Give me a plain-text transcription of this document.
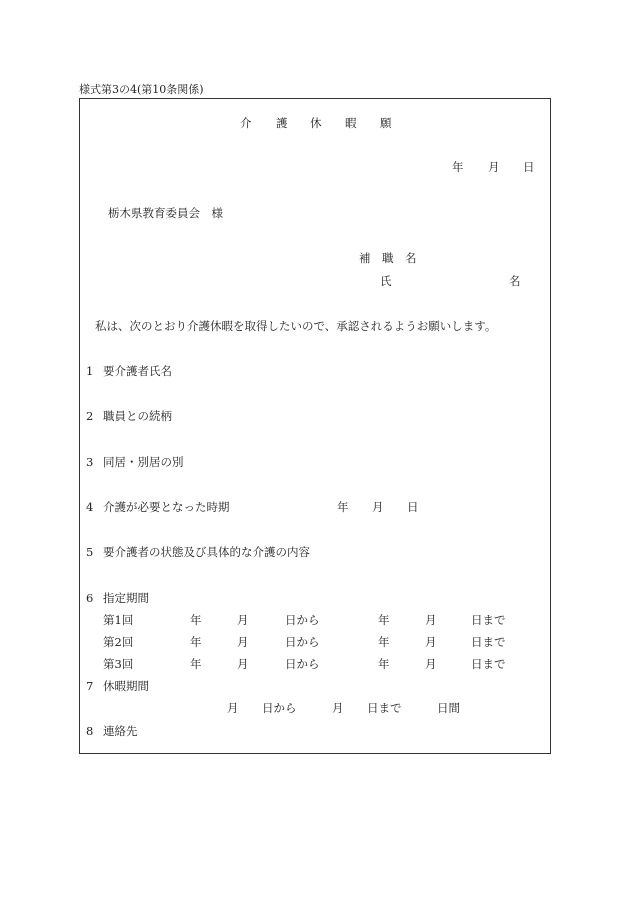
様式第3の4(第10条関係)
介 護 休 暇 願
年 月 日
栃木県教育委員会　様
補　職　名
氏	名
私は、次のとおり介護休暇を取得したいので、承認されるようお願いします。
1 要介護者氏名
2 職員との続柄
3 同居・別居の別
4 介護が必要となった時期	年 月 日
5 要介護者の状態及び具体的な介護の内容
6 指定期間
第1回	年	月	日から	年	月	日まで
第2回	年	月	日から	年	月	日まで
第3回	年	月	日から	年	月	日まで
7 休暇期間
月 日から	月 日まで	日間
8 連絡先
